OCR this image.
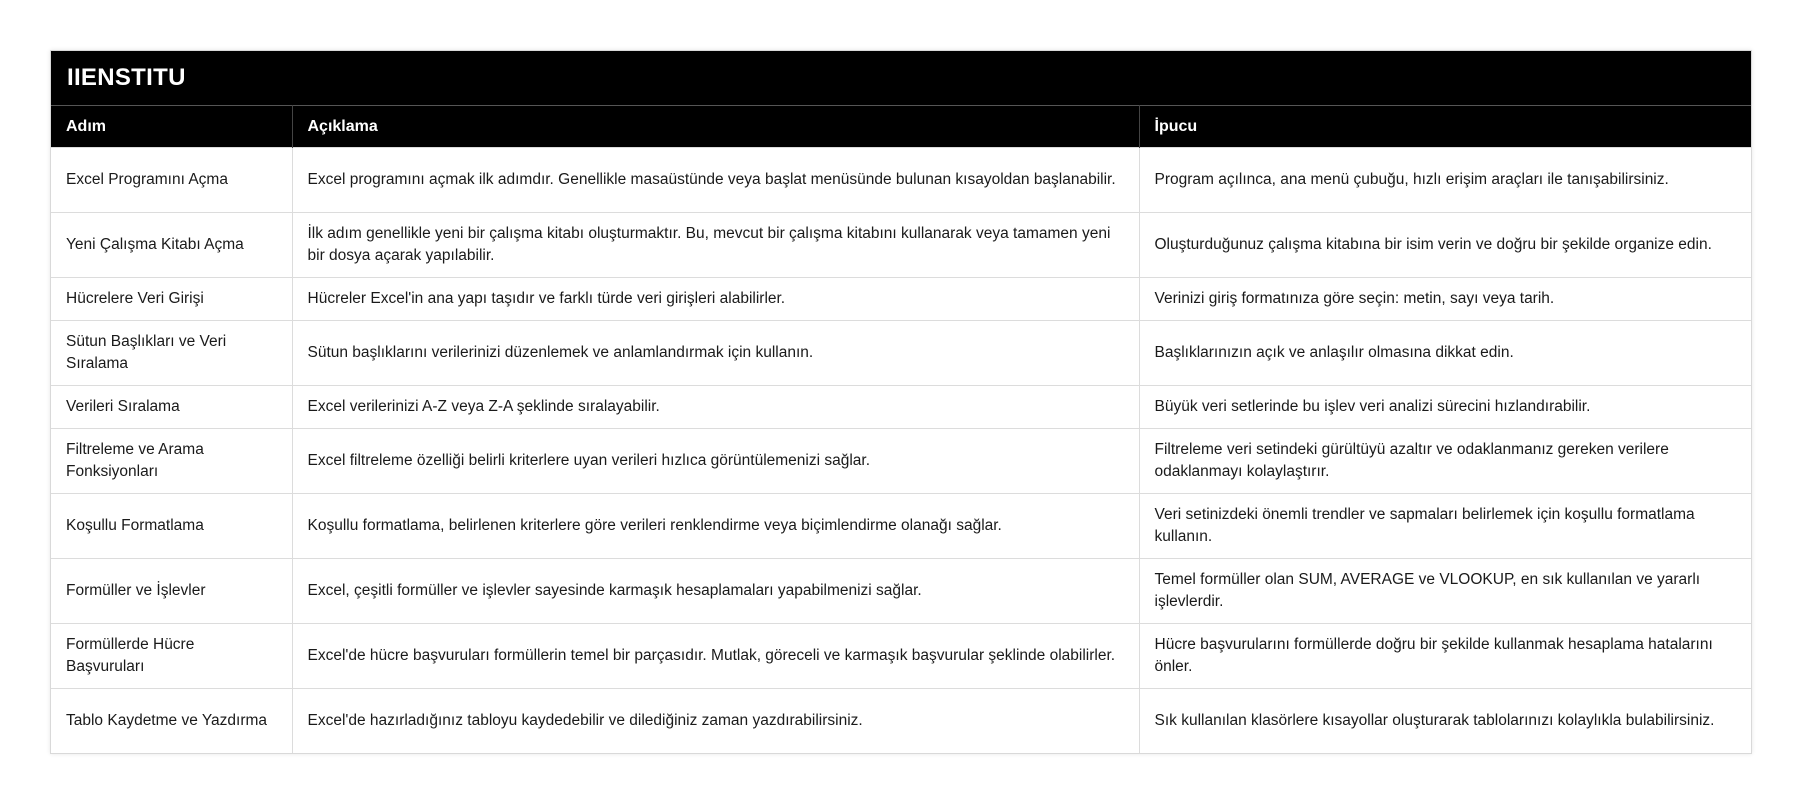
IIENSTITU
Adım	Açıklama	İpucu
Excel Programını Açma	Excel programını açmak ilk adımdır. Genellikle masaüstünde veya başlat menüsünde bulunan kısayoldan başlanabilir.	Program açılınca, ana menü çubuğu, hızlı erişim araçları ile tanışabilirsiniz.
Yeni Çalışma Kitabı Açma	İlk adım genellikle yeni bir çalışma kitabı oluşturmaktır. Bu, mevcut bir çalışma kitabını kullanarak veya tamamen yeni bir dosya açarak yapılabilir.	Oluşturduğunuz çalışma kitabına bir isim verin ve doğru bir şekilde organize edin.
Hücrelere Veri Girişi	Hücreler Excel'in ana yapı taşıdır ve farklı türde veri girişleri alabilirler.	Verinizi giriş formatınıza göre seçin: metin, sayı veya tarih.
Sütun Başlıkları ve Veri Sıralama	Sütun başlıklarını verilerinizi düzenlemek ve anlamlandırmak için kullanın.	Başlıklarınızın açık ve anlaşılır olmasına dikkat edin.
Verileri Sıralama	Excel verilerinizi A-Z veya Z-A şeklinde sıralayabilir.	Büyük veri setlerinde bu işlev veri analizi sürecini hızlandırabilir.
Filtreleme ve Arama Fonksiyonları	Excel filtreleme özelliği belirli kriterlere uyan verileri hızlıca görüntülemenizi sağlar.	Filtreleme veri setindeki gürültüyü azaltır ve odaklanmanız gereken verilere odaklanmayı kolaylaştırır.
Koşullu Formatlama	Koşullu formatlama, belirlenen kriterlere göre verileri renklendirme veya biçimlendirme olanağı sağlar.	Veri setinizdeki önemli trendler ve sapmaları belirlemek için koşullu formatlama kullanın.
Formüller ve İşlevler	Excel, çeşitli formüller ve işlevler sayesinde karmaşık hesaplamaları yapabilmenizi sağlar.	Temel formüller olan SUM, AVERAGE ve VLOOKUP, en sık kullanılan ve yararlı işlevlerdir.
Formüllerde Hücre Başvuruları	Excel'de hücre başvuruları formüllerin temel bir parçasıdır. Mutlak, göreceli ve karmaşık başvurular şeklinde olabilirler.	Hücre başvurularını formüllerde doğru bir şekilde kullanmak hesaplama hatalarını önler.
Tablo Kaydetme ve Yazdırma	Excel'de hazırladığınız tabloyu kaydedebilir ve dilediğiniz zaman yazdırabilirsiniz.	Sık kullanılan klasörlere kısayollar oluşturarak tablolarınızı kolaylıkla bulabilirsiniz.
